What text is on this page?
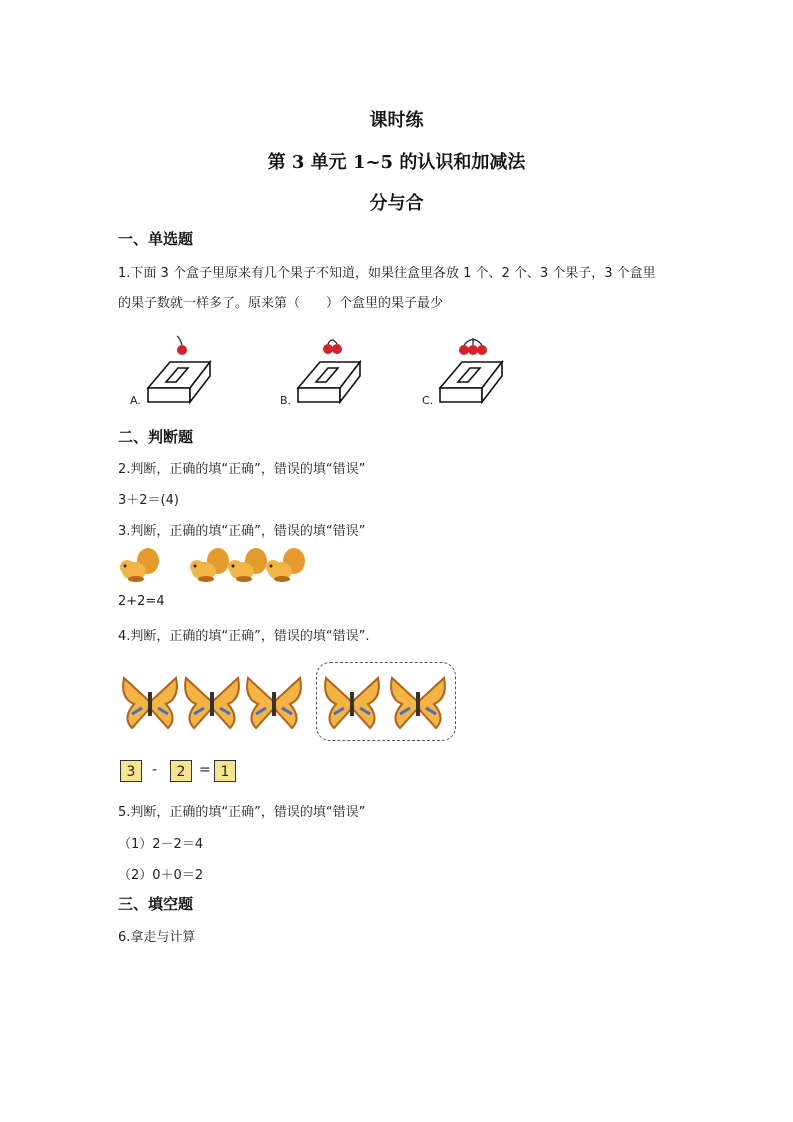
课时练
第 3 单元 1~5 的认识和加减法
分与合
一、单选题
1.下面 3 个盒子里原来有几个果子不知道，如果往盒里各放 1 个、2 个、3 个果子，3 个盒里
的果子数就一样多了。原来第（　　）个盒里的果子最少
A.	B.	C.
二、判断题
2.判断，正确的填“正确”，错误的填“错误”
3＋2＝(4)
3.判断，正确的填“正确”，错误的填“错误”
2+2=4
4.判断，正确的填“正确”，错误的填“错误”.
3	-	2 = 1
5.判断，正确的填“正确”，错误的填“错误”
（1）2－2＝4
（2）0＋0＝2
三、填空题
6.拿走与计算
